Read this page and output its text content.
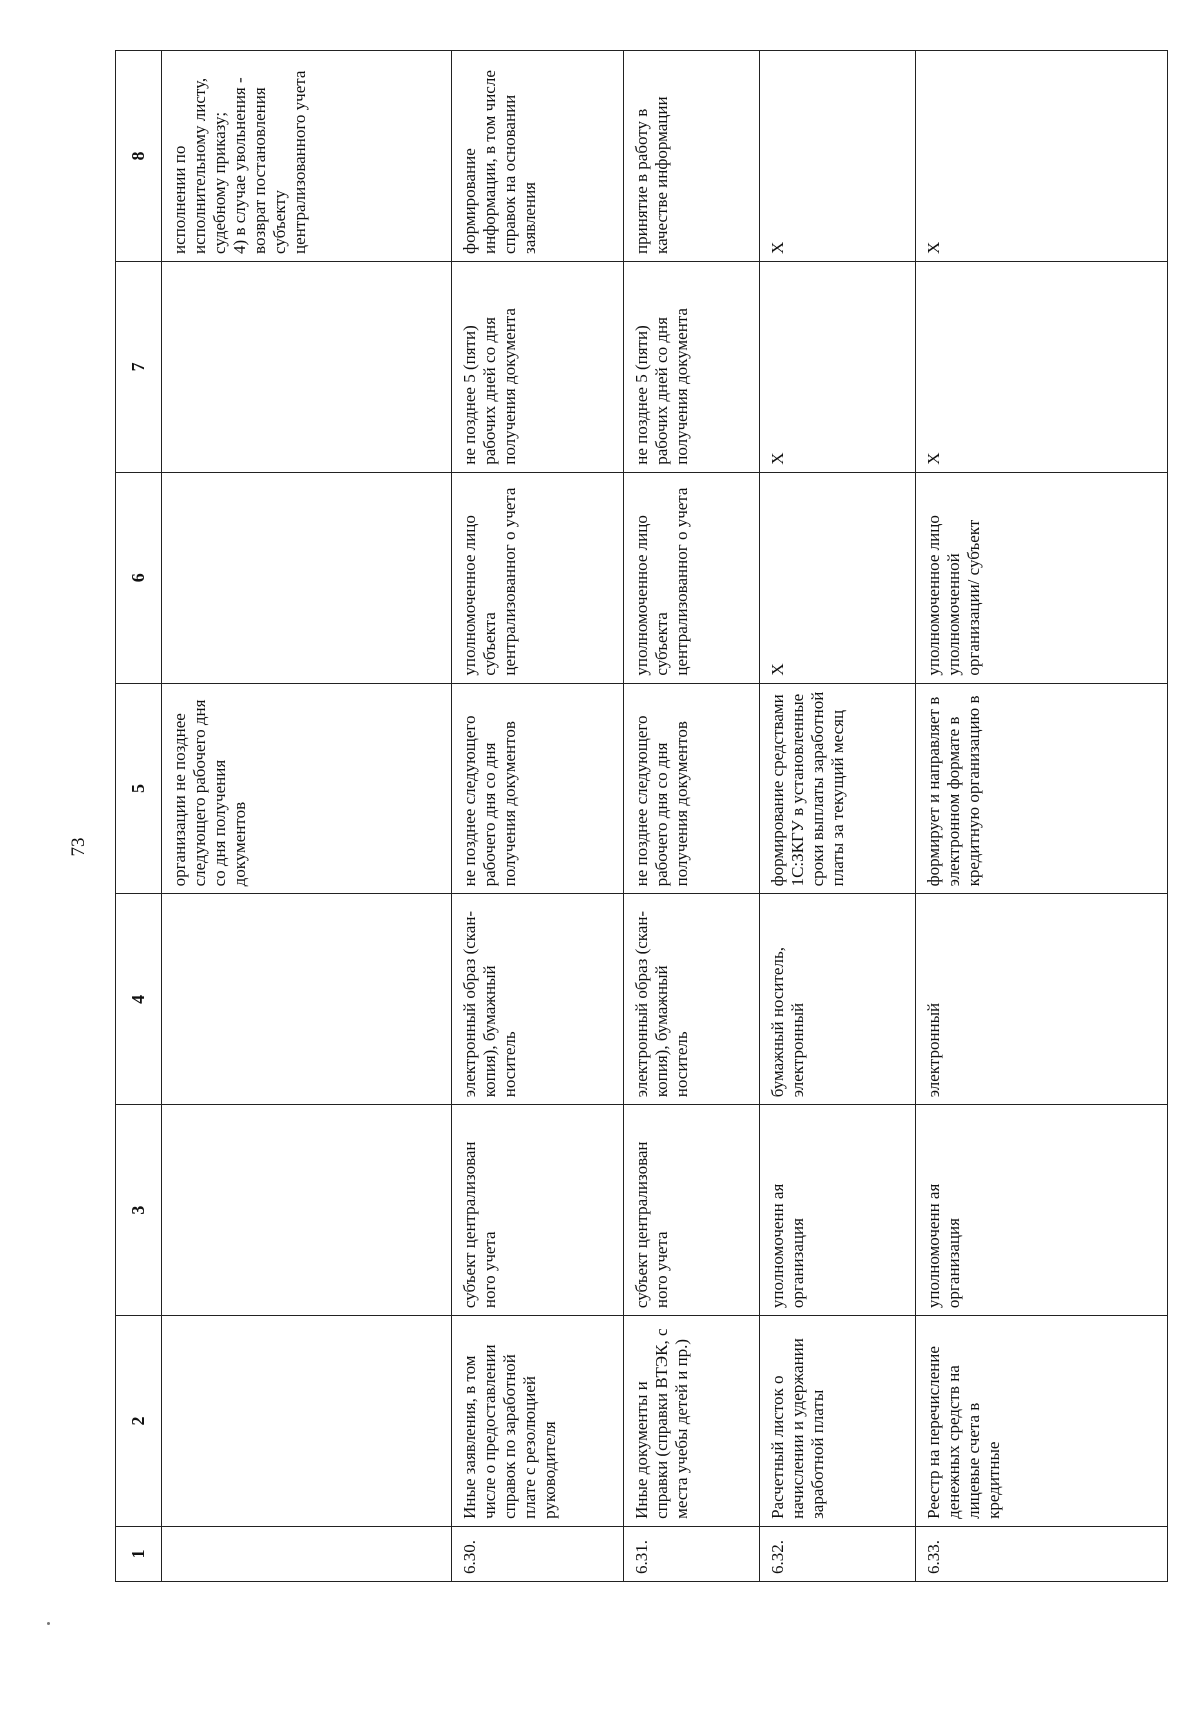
73
1	2	3	4	5	6	7	8
				организации не позднее следующего рабочего дня со дня получения документов			исполнении по исполнительному листу, судебному приказу;
4) в случае увольнения - возврат постановления субъекту централизованного учета
6.30.	Иные заявления, в том числе о предоставлении справок по заработной плате с резолюцией руководителя	субъект централизован ного учета	электронный образ (скан-копия), бумажный носитель	не позднее следующего рабочего дня со дня получения документов	уполномоченное лицо субъекта централизованног о учета	не позднее 5 (пяти) рабочих дней со дня получения документа	формирование информации, в том числе справок на основании заявления
6.31.	Иные документы и справки (справки ВТЭК, с места учебы детей и пр.)	субъект централизован ного учета	электронный образ (скан-копия), бумажный носитель	не позднее следующего рабочего дня со дня получения документов	уполномоченное лицо субъекта централизованног о учета	не позднее 5 (пяти) рабочих дней со дня получения документа	принятие в работу в качестве информации
6.32.	Расчетный листок о начислении и удержании заработной платы	уполномоченн ая организация	бумажный носитель, электронный	формирование средствами 1С:ЗКГУ в установленные сроки выплаты заработной платы за текущий месяц	X	X	X
6.33.	Реестр на перечисление денежных средств на лицевые счета в кредитные	уполномоченн ая организация	электронный	формирует и направляет в электронном формате в кредитную организацию в	уполномоченное лицо уполномоченной организации/ субъект	X	X
